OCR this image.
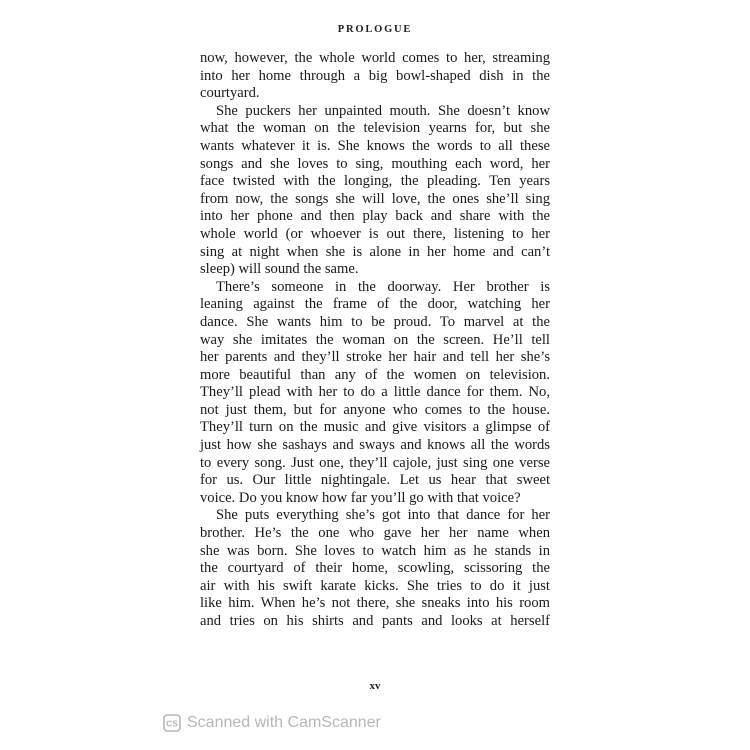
PROLOGUE
now, however, the whole world comes to her, streaming
into her home through a big bowl-shaped dish in the
courtyard.
She puckers her unpainted mouth. She doesn’t know
what the woman on the television yearns for, but she
wants whatever it is. She knows the words to all these
songs and she loves to sing, mouthing each word, her
face twisted with the longing, the pleading. Ten years
from now, the songs she will love, the ones she’ll sing
into her phone and then play back and share with the
whole world (or whoever is out there, listening to her
sing at night when she is alone in her home and can’t
sleep) will sound the same.
There’s someone in the doorway. Her brother is
leaning against the frame of the door, watching her
dance. She wants him to be proud. To marvel at the
way she imitates the woman on the screen. He’ll tell
her parents and they’ll stroke her hair and tell her she’s
more beautiful than any of the women on television.
They’ll plead with her to do a little dance for them. No,
not just them, but for anyone who comes to the house.
They’ll turn on the music and give visitors a glimpse of
just how she sashays and sways and knows all the words
to every song. Just one, they’ll cajole, just sing one verse
for us. Our little nightingale. Let us hear that sweet
voice. Do you know how far you’ll go with that voice?
She puts everything she’s got into that dance for her
brother. He’s the one who gave her her name when
she was born. She loves to watch him as he stands in
the courtyard of their home, scowling, scissoring the
air with his swift karate kicks. She tries to do it just
like him. When he’s not there, she sneaks into his room
and tries on his shirts and pants and looks at herself
xv
CS Scanned with CamScanner
